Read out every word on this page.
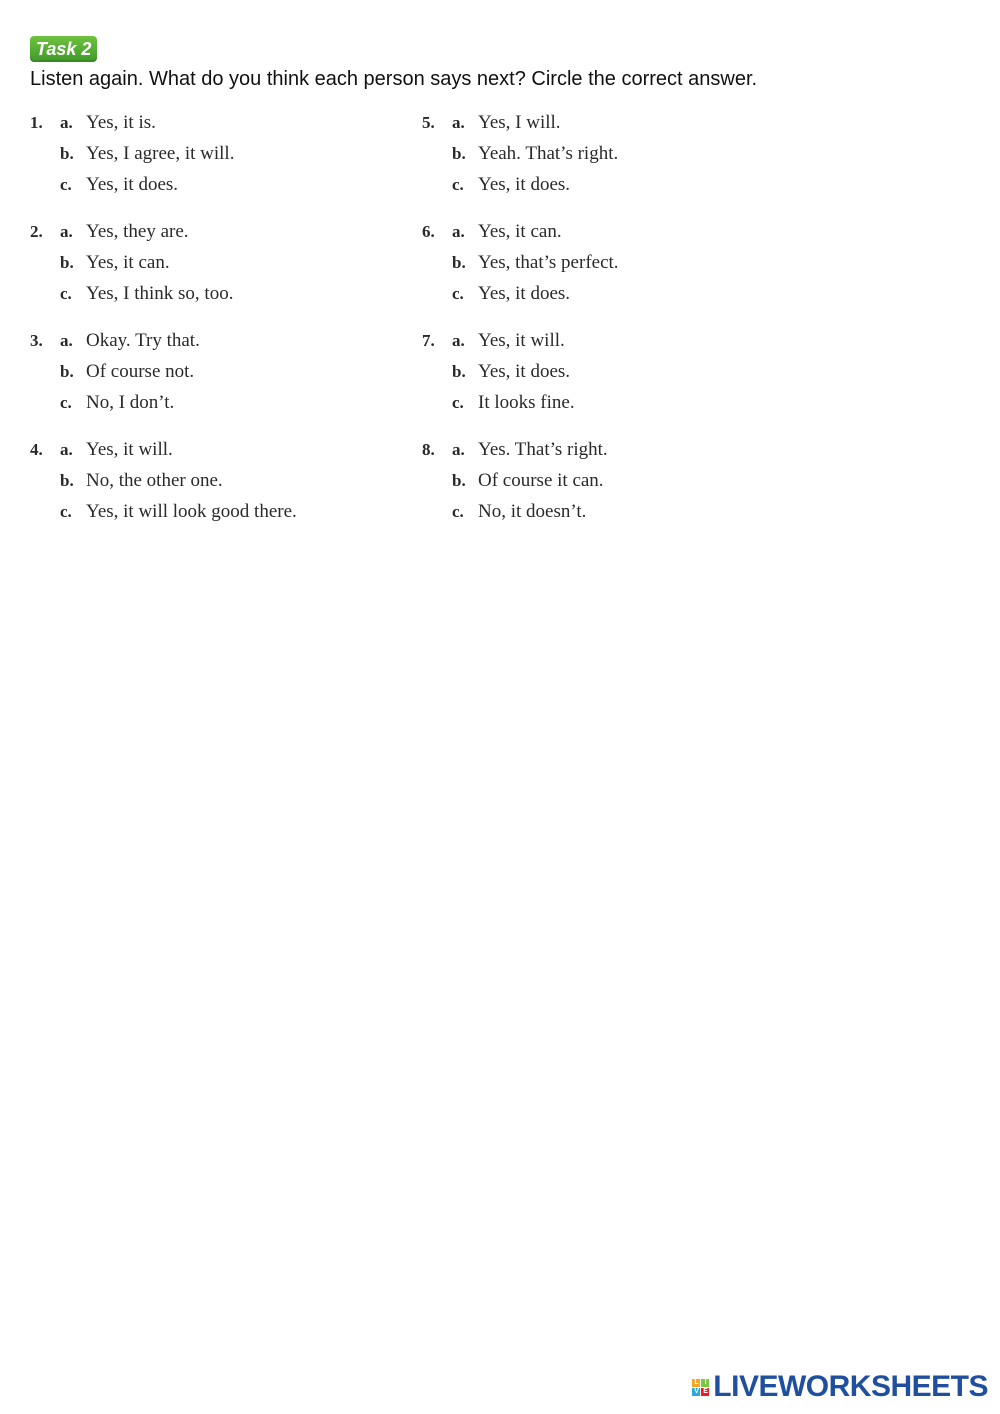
Task 2
Listen again. What do you think each person says next? Circle the correct answer.
1.	a. Yes, it is.
b. Yes, I agree, it will.
c. Yes, it does.
2.	a. Yes, they are.
b. Yes, it can.
c. Yes, I think so, too.
3.	a. Okay. Try that.
b. Of course not.
c. No, I don’t.
4.	a. Yes, it will.
b. No, the other one.
c. Yes, it will look good there.
5.	a. Yes, I will.
b. Yeah. That’s right.
c. Yes, it does.
6.	a. Yes, it can.
b. Yes, that’s perfect.
c. Yes, it does.
7.	a. Yes, it will.
b. Yes, it does.
c. It looks fine.
8.	a. Yes. That’s right.
b. Of course it can.
c. No, it doesn’t.
L I
V E LIVEWORKSHEETS
